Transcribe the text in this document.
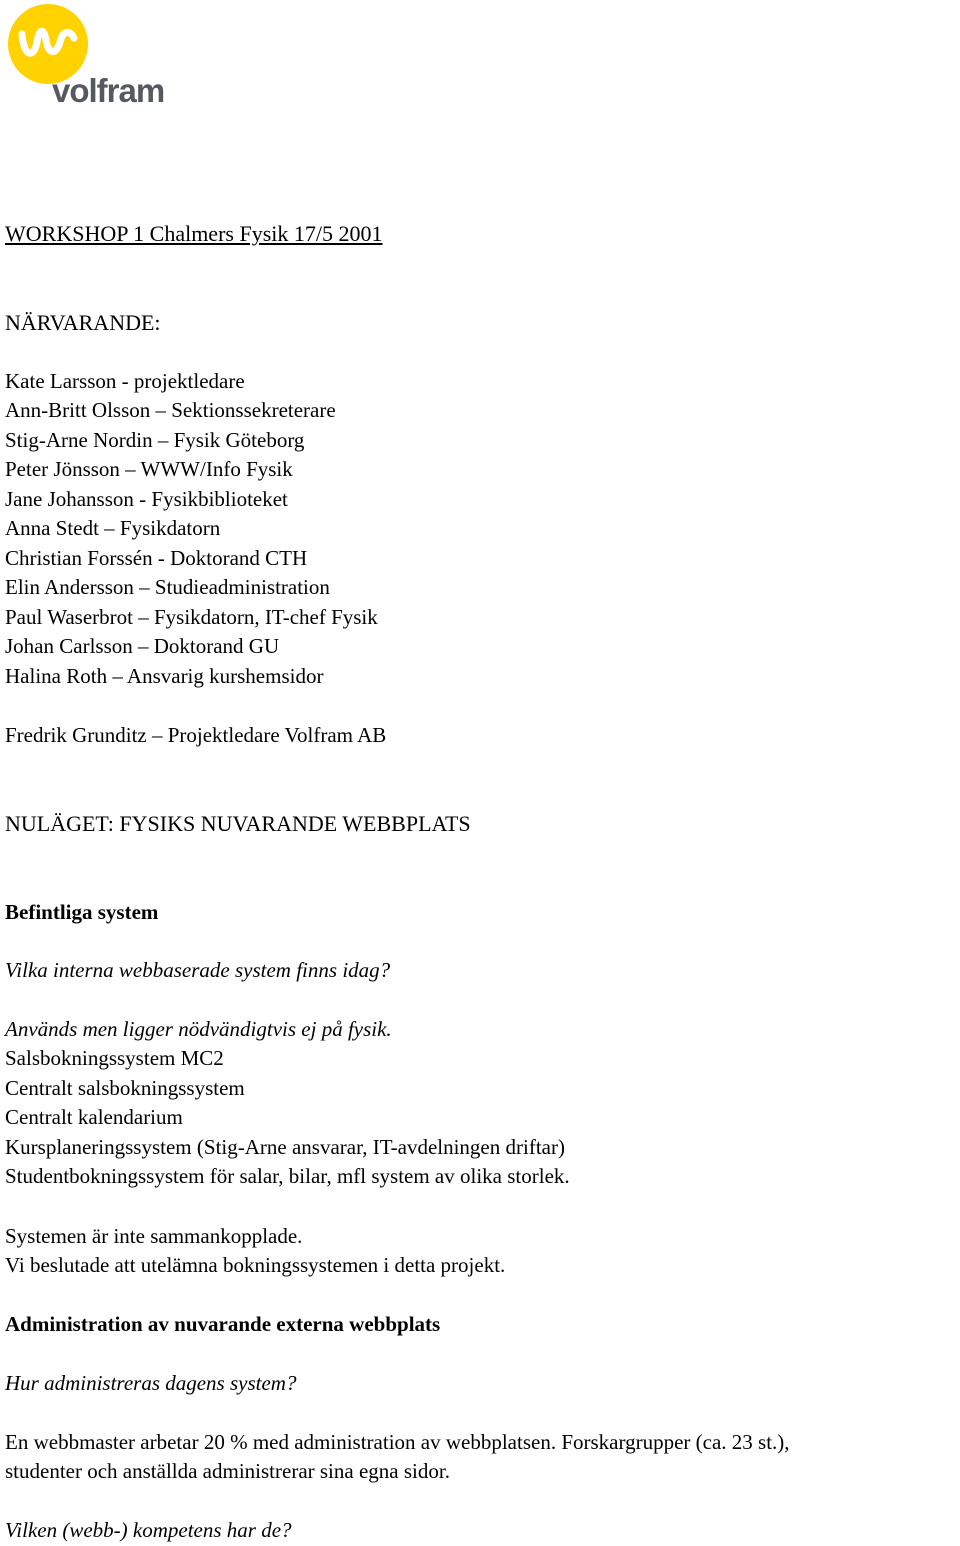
volfram
WORKSHOP 1 Chalmers Fysik 17/5 2001
NÄRVARANDE:
Kate Larsson - projektledare
Ann-Britt Olsson – Sektionssekreterare
Stig-Arne Nordin – Fysik Göteborg
Peter Jönsson – WWW/Info Fysik
Jane Johansson - Fysikbiblioteket
Anna Stedt – Fysikdatorn
Christian Forssén - Doktorand CTH
Elin Andersson – Studieadministration
Paul Waserbrot – Fysikdatorn, IT-chef Fysik
Johan Carlsson – Doktorand GU
Halina Roth – Ansvarig kurshemsidor
Fredrik Grunditz – Projektledare Volfram AB
NULÄGET: FYSIKS NUVARANDE WEBBPLATS
Befintliga system
Vilka interna webbaserade system finns idag?
Används men ligger nödvändigtvis ej på fysik.
Salsbokningssystem MC2
Centralt salsbokningssystem
Centralt kalendarium
Kursplaneringssystem (Stig-Arne ansvarar, IT-avdelningen driftar)
Studentbokningssystem för salar, bilar, mfl system av olika storlek.
Systemen är inte sammankopplade.
Vi beslutade att utelämna bokningssystemen i detta projekt.
Administration av nuvarande externa webbplats
Hur administreras dagens system?
En webbmaster arbetar 20 % med administration av webbplatsen. Forskargrupper (ca. 23 st.),
studenter och anställda administrerar sina egna sidor.
Vilken (webb-) kompetens har de?
